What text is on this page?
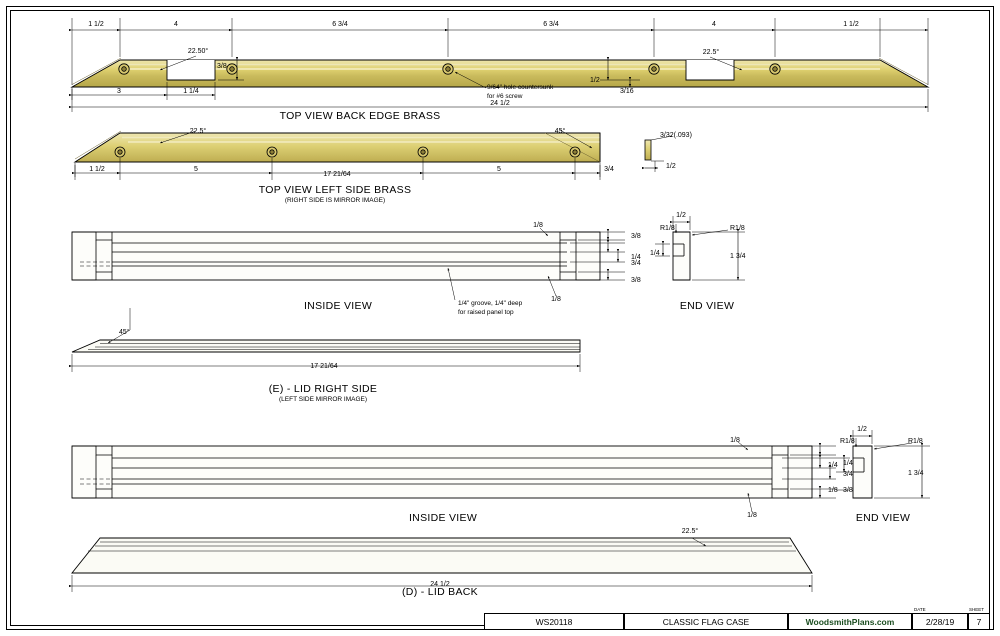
1 1/2	4	6 3/4	6 3/4	4	1 1/2
22.50°	22.5°
3/8
1/2
3/16
3	1 1/4
24 1/2
9/64" hole countersunk
for #6 screw
TOP VIEW BACK EDGE BRASS
22.5°	45°
1 1/2	5	5	3/4
17 21/64
3/32(.093)
1/2
TOP VIEW LEFT SIDE BRASS
(RIGHT SIDE IS MIRROR IMAGE)
1/8
3/8
1/4
3/4
3/8
1/8
1/4" groove, 1/4" deep
for raised panel top
INSIDE VIEW
1/2
R1/8	R1/8
1/4	1 3/4
END VIEW
45°
17 21/64
(E) - LID RIGHT SIDE
(LEFT SIDE MIRROR IMAGE)
1/8
1/4
3/4
3/8
1/8
INSIDE VIEW
1/2
R1/8	R1/8
1/4
1/8
1 3/4
END VIEW
22.5°
24 1/2
(D) - LID BACK
WS20118	CLASSIC FLAG CASE	WoodsmithPlans.com	2/28/19	7
DATE	SHEET
